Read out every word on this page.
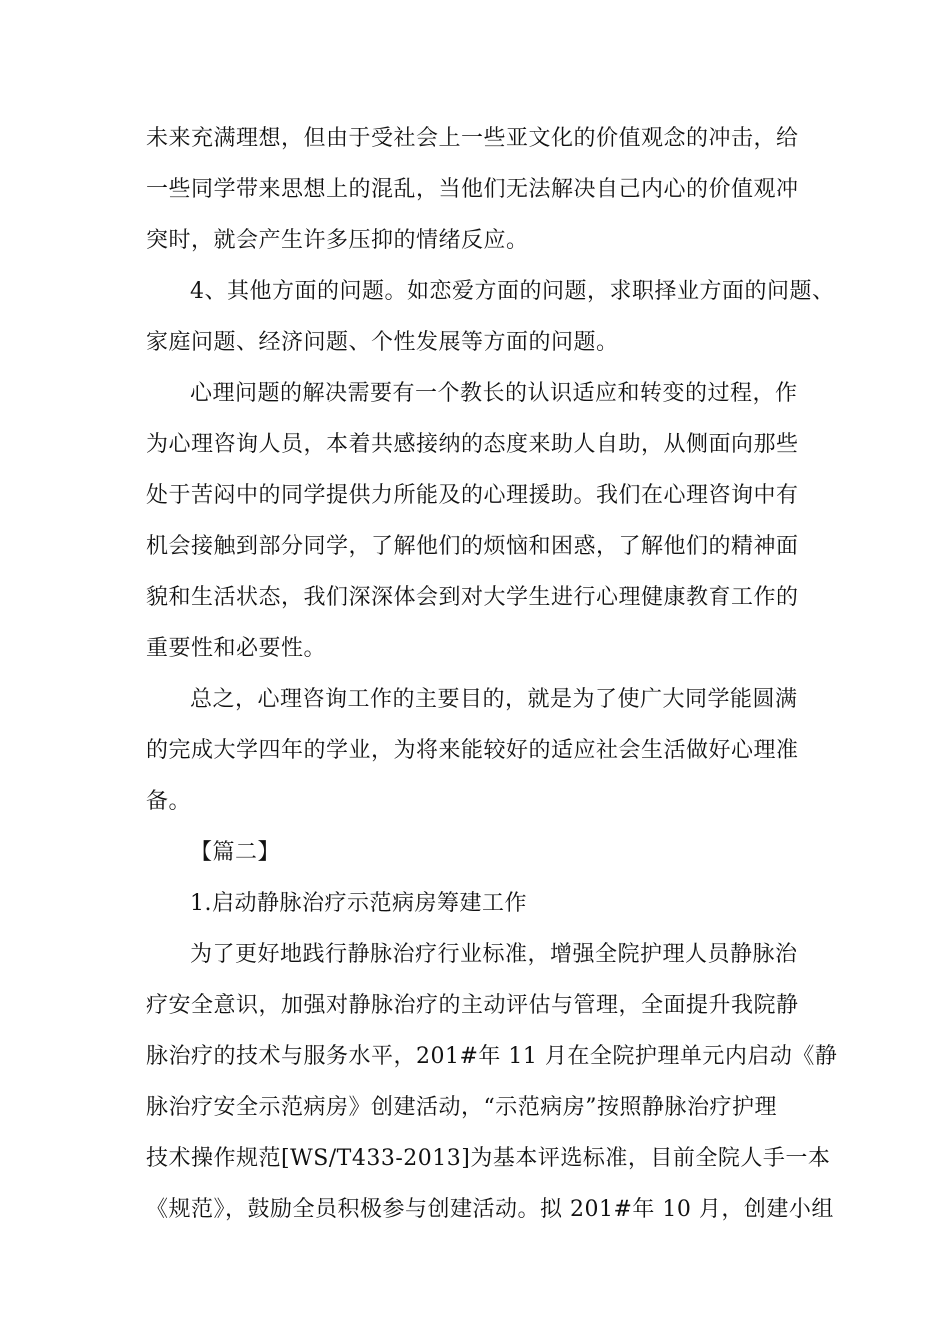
未来充满理想，但由于受社会上一些亚文化的价值观念的冲击，给
一些同学带来思想上的混乱，当他们无法解决自己内心的价值观冲
突时，就会产生许多压抑的情绪反应。
4、其他方面的问题。如恋爱方面的问题，求职择业方面的问题、
家庭问题、经济问题、个性发展等方面的问题。
心理问题的解决需要有一个教长的认识适应和转变的过程，作
为心理咨询人员，本着共感接纳的态度来助人自助，从侧面向那些
处于苦闷中的同学提供力所能及的心理援助。我们在心理咨询中有
机会接触到部分同学，了解他们的烦恼和困惑，了解他们的精神面
貌和生活状态，我们深深体会到对大学生进行心理健康教育工作的
重要性和必要性。
总之，心理咨询工作的主要目的，就是为了使广大同学能圆满
的完成大学四年的学业，为将来能较好的适应社会生活做好心理准
备。
【篇二】
1.启动静脉治疗示范病房筹建工作
为了更好地践行静脉治疗行业标准，增强全院护理人员静脉治
疗安全意识，加强对静脉治疗的主动评估与管理，全面提升我院静
脉治疗的技术与服务水平，201#年 11 月在全院护理单元内启动《静
脉治疗安全示范病房》创建活动，“示范病房”按照静脉治疗护理
技术操作规范[WS/T433-2013]为基本评选标准，目前全院人手一本
《规范》，鼓励全员积极参与创建活动。拟 201#年 10 月，创建小组
